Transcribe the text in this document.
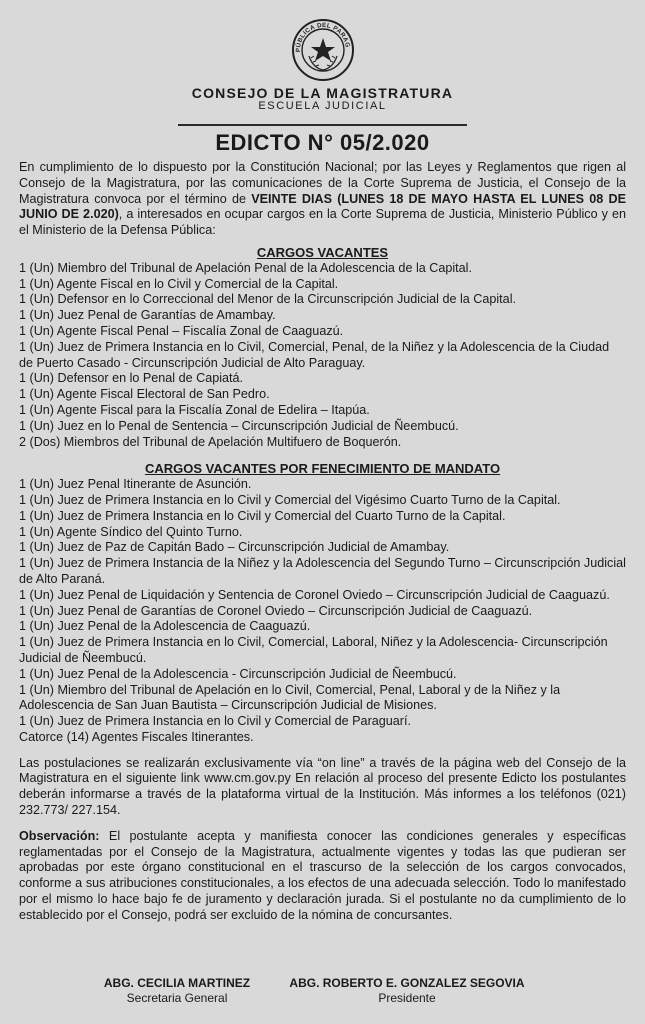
PÚBLICA DEL PARAG
CONSEJO DE LA MAGISTRATURA
ESCUELA JUDICIAL
EDICTO N° 05/2.020

En cumplimiento de lo dispuesto por la Constitución Nacional; por las Leyes y Reglamentos que rigen al Consejo de la Magistratura, por las comunicaciones de la Corte Suprema de Justicia, el Consejo de la Magistratura convoca por el término de VEINTE DIAS (LUNES 18 DE MAYO HASTA EL LUNES 08 DE JUNIO DE 2.020), a interesados en ocupar cargos en la Corte Suprema de Justicia, Ministerio Público y en el Ministerio de la Defensa Pública:

CARGOS VACANTES
1 (Un) Miembro del Tribunal de Apelación Penal de la Adolescencia de la Capital.
1 (Un) Agente Fiscal en lo Civil y Comercial de la Capital.
1 (Un) Defensor en lo Correccional del Menor de la Circunscripción Judicial de la Capital.
1 (Un) Juez Penal de Garantías de Amambay.
1 (Un) Agente Fiscal Penal – Fiscalía Zonal de Caaguazú.
1 (Un) Juez de Primera Instancia en lo Civil, Comercial, Penal, de la Niñez y la Adolescencia de la Ciudad de Puerto Casado - Circunscripción Judicial de Alto Paraguay.
1 (Un) Defensor en lo Penal de Capiatá.
1 (Un) Agente Fiscal Electoral de San Pedro.
1 (Un) Agente Fiscal para la Fiscalía Zonal de Edelira – Itapúa.
1 (Un) Juez en lo Penal de Sentencia – Circunscripción Judicial de Ñeembucú.
2 (Dos) Miembros del Tribunal de Apelación Multifuero de Boquerón.
CARGOS VACANTES POR FENECIMIENTO DE MANDATO
1 (Un) Juez Penal Itinerante de Asunción.
1 (Un) Juez de Primera Instancia en lo Civil y Comercial del Vigésimo Cuarto Turno de la Capital.
1 (Un) Juez de Primera Instancia en lo Civil y Comercial del Cuarto Turno de la Capital.
1 (Un) Agente Síndico del Quinto Turno.
1 (Un) Juez de Paz de Capitán Bado – Circunscripción Judicial de Amambay.
1 (Un) Juez de Primera Instancia de la Niñez y la Adolescencia del Segundo Turno – Circunscripción Judicial de Alto Paraná.
1 (Un) Juez Penal de Liquidación y Sentencia de Coronel Oviedo – Circunscripción Judicial de Caaguazú.
1 (Un) Juez Penal de Garantías de Coronel Oviedo – Circunscripción Judicial de Caaguazú.
1 (Un) Juez Penal de la Adolescencia de Caaguazú.
1 (Un) Juez de Primera Instancia en lo Civil, Comercial, Laboral, Niñez y la Adolescencia- Circunscripción Judicial de Ñeembucú.
1 (Un) Juez Penal de la Adolescencia - Circunscripción Judicial de Ñeembucú.
1 (Un) Miembro del Tribunal de Apelación en lo Civil, Comercial, Penal, Laboral y de la Niñez y la Adolescencia de San Juan Bautista – Circunscripción Judicial de Misiones.
1 (Un) Juez de Primera Instancia en lo Civil y Comercial de Paraguarí.
Catorce (14) Agentes Fiscales Itinerantes.

Las postulaciones se realizarán exclusivamente vía “on line” a través de la página web del Consejo de la Magistratura en el siguiente link www.cm.gov.py En relación al proceso del presente Edicto los postulantes deberán informarse a través de la plataforma virtual de la Institución. Más informes a los teléfonos (021) 232.773/ 227.154.

Observación: El postulante acepta y manifiesta conocer las condiciones generales y específicas reglamentadas por el Consejo de la Magistratura, actualmente vigentes y todas las que pudieran ser aprobadas por este órgano constitucional en el trascurso de la selección de los cargos convocados, conforme a sus atribuciones constitucionales, a los efectos de una adecuada selección. Todo lo manifestado por el mismo lo hace bajo fe de juramento y declaración jurada. Si el postulante no da cumplimiento de lo establecido por el Consejo, podrá ser excluido de la nómina de concursantes.

ABG. CECILIA MARTINEZ
Secretaria General
ABG. ROBERTO E. GONZALEZ SEGOVIA
Presidente
